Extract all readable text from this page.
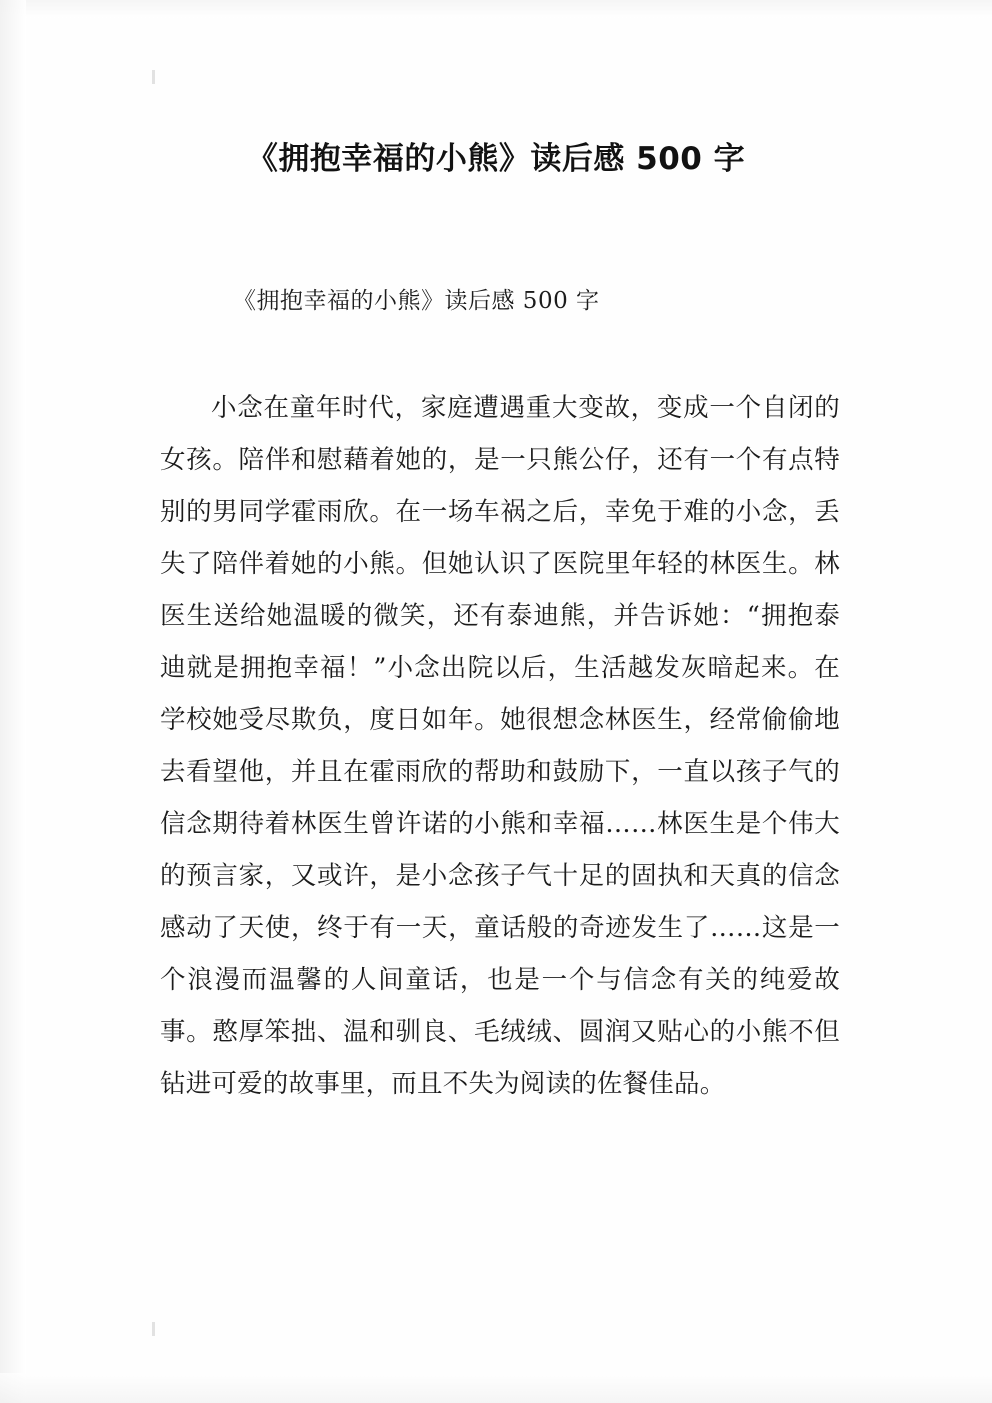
《拥抱幸福的小熊》读后感 500 字
《拥抱幸福的小熊》读后感 500 字
小念在童年时代，家庭遭遇重大变故，变成一个自闭的女孩。陪伴和慰藉着她的，是一只熊公仔，还有一个有点特别的男同学霍雨欣。在一场车祸之后，幸免于难的小念，丢失了陪伴着她的小熊。但她认识了医院里年轻的林医生。林医生送给她温暖的微笑，还有泰迪熊，并告诉她：“拥抱泰迪就是拥抱幸福！”小念出院以后，生活越发灰暗起来。在学校她受尽欺负，度日如年。她很想念林医生，经常偷偷地去看望他，并且在霍雨欣的帮助和鼓励下，一直以孩子气的信念期待着林医生曾许诺的小熊和幸福……林医生是个伟大的预言家，又或许，是小念孩子气十足的固执和天真的信念感动了天使，终于有一天，童话般的奇迹发生了……这是一个浪漫而温馨的人间童话，也是一个与信念有关的纯爱故事。憨厚笨拙、温和驯良、毛绒绒、圆润又贴心的小熊不但钻进可爱的故事里，而且不失为阅读的佐餐佳品。
